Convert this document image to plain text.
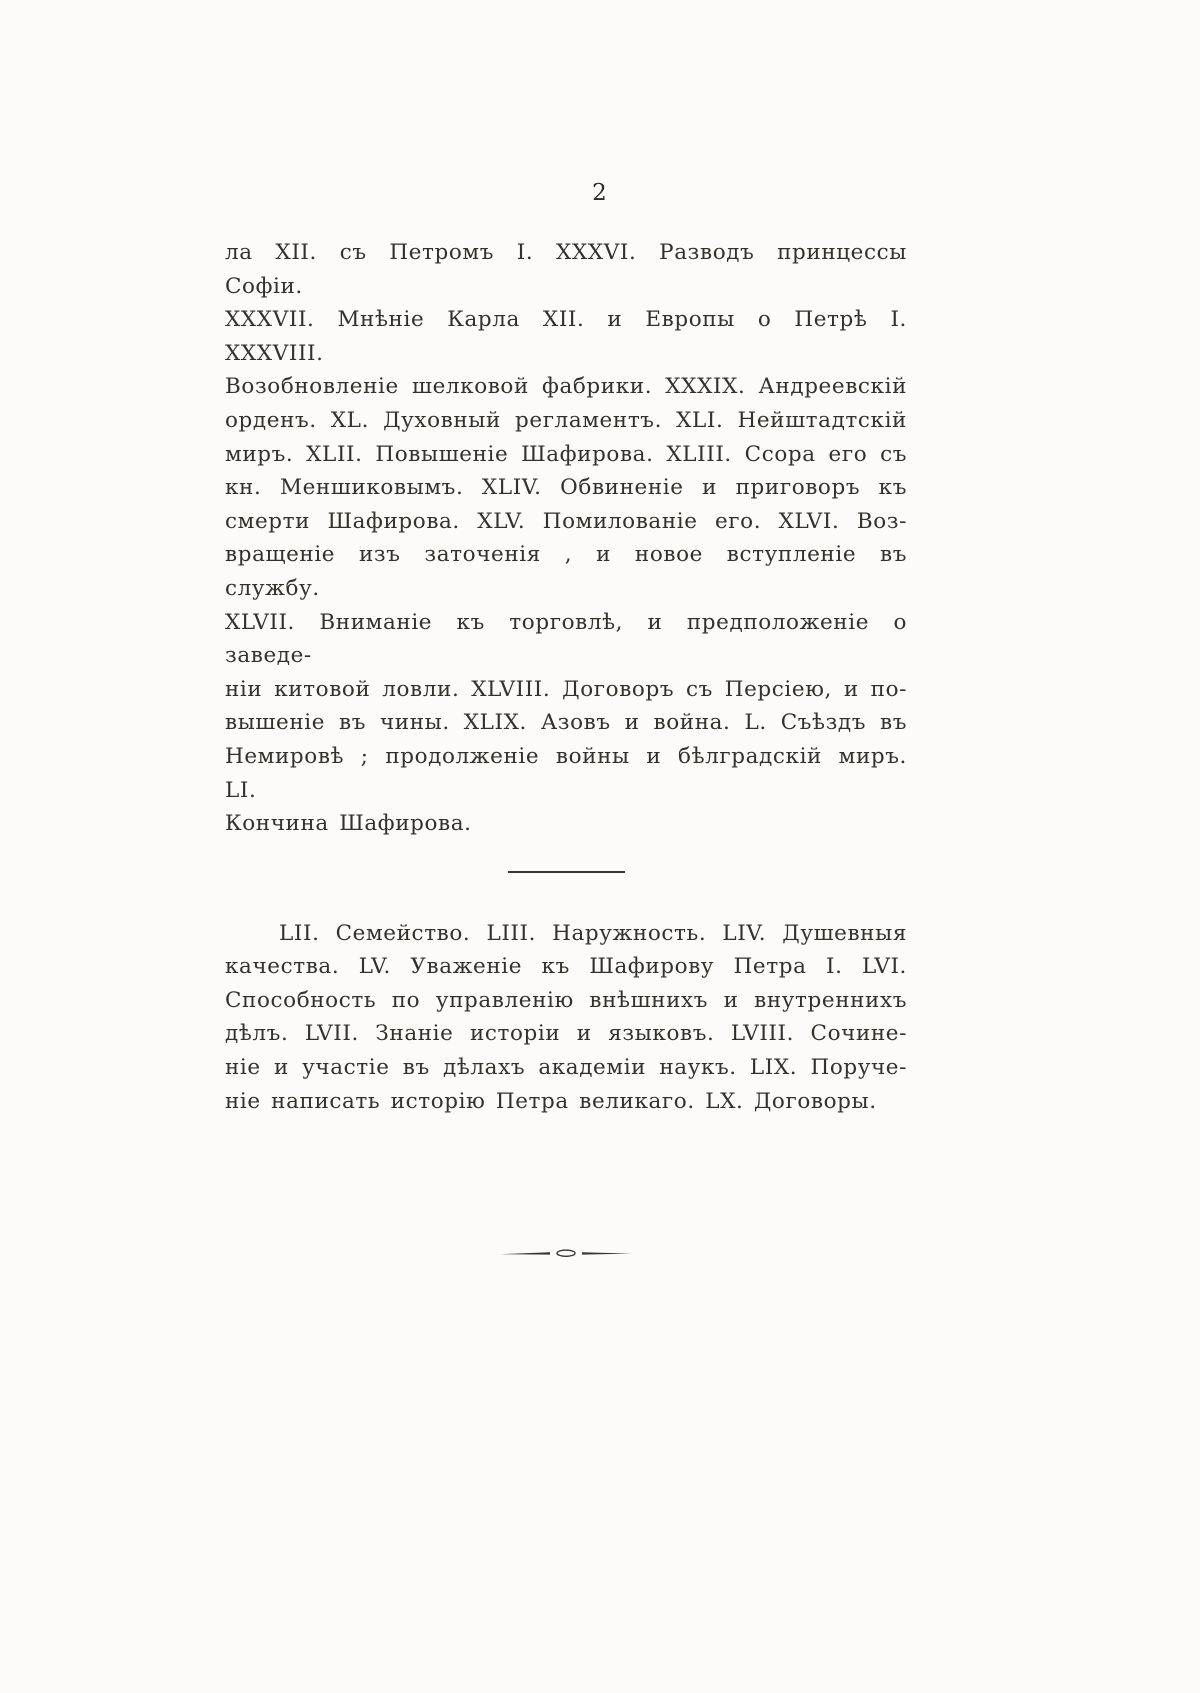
2
ла XII. съ Петромъ I. XXXVI. Разводъ принцессы Софіи.
XXXVII. Мнѣніе Карла XII. и Европы о Петрѣ I. XXXVIII.
Возобновленіе шелковой фабрики. XXXIX. Андреевскій
орденъ. XL. Духовный регламентъ. XLI. Нейштадтскій
миръ. XLII. Повышеніе Шафирова. XLIII. Ссора его съ
кн. Меншиковымъ. XLIV. Обвиненіе и приговоръ къ
смерти Шафирова. XLV. Помилованіе его. XLVI. Воз-
вращеніе изъ заточенія , и новое вступленіе въ службу.
XLVII. Вниманіе къ торговлѣ, и предположеніе о заведе-
ніи китовой ловли. XLVIII. Договоръ съ Персіею, и по-
вышеніе въ чины. XLIX. Азовъ и война. L. Съѣздъ въ
Немировѣ ; продолженіе войны и бѣлградскій миръ. LI.
Кончина Шафирова.
LII. Семейство. LIII. Наружность. LIV. Душевныя
качества. LV. Уваженіе къ Шафирову Петра I. LVI.
Способность по управленію внѣшнихъ и внутреннихъ
дѣлъ. LVII. Знаніе исторіи и языковъ. LVIII. Сочине-
ніе и участіе въ дѣлахъ академіи наукъ. LIX. Поруче-
ніе написать исторію Петра великаго. LX. Договоры.
